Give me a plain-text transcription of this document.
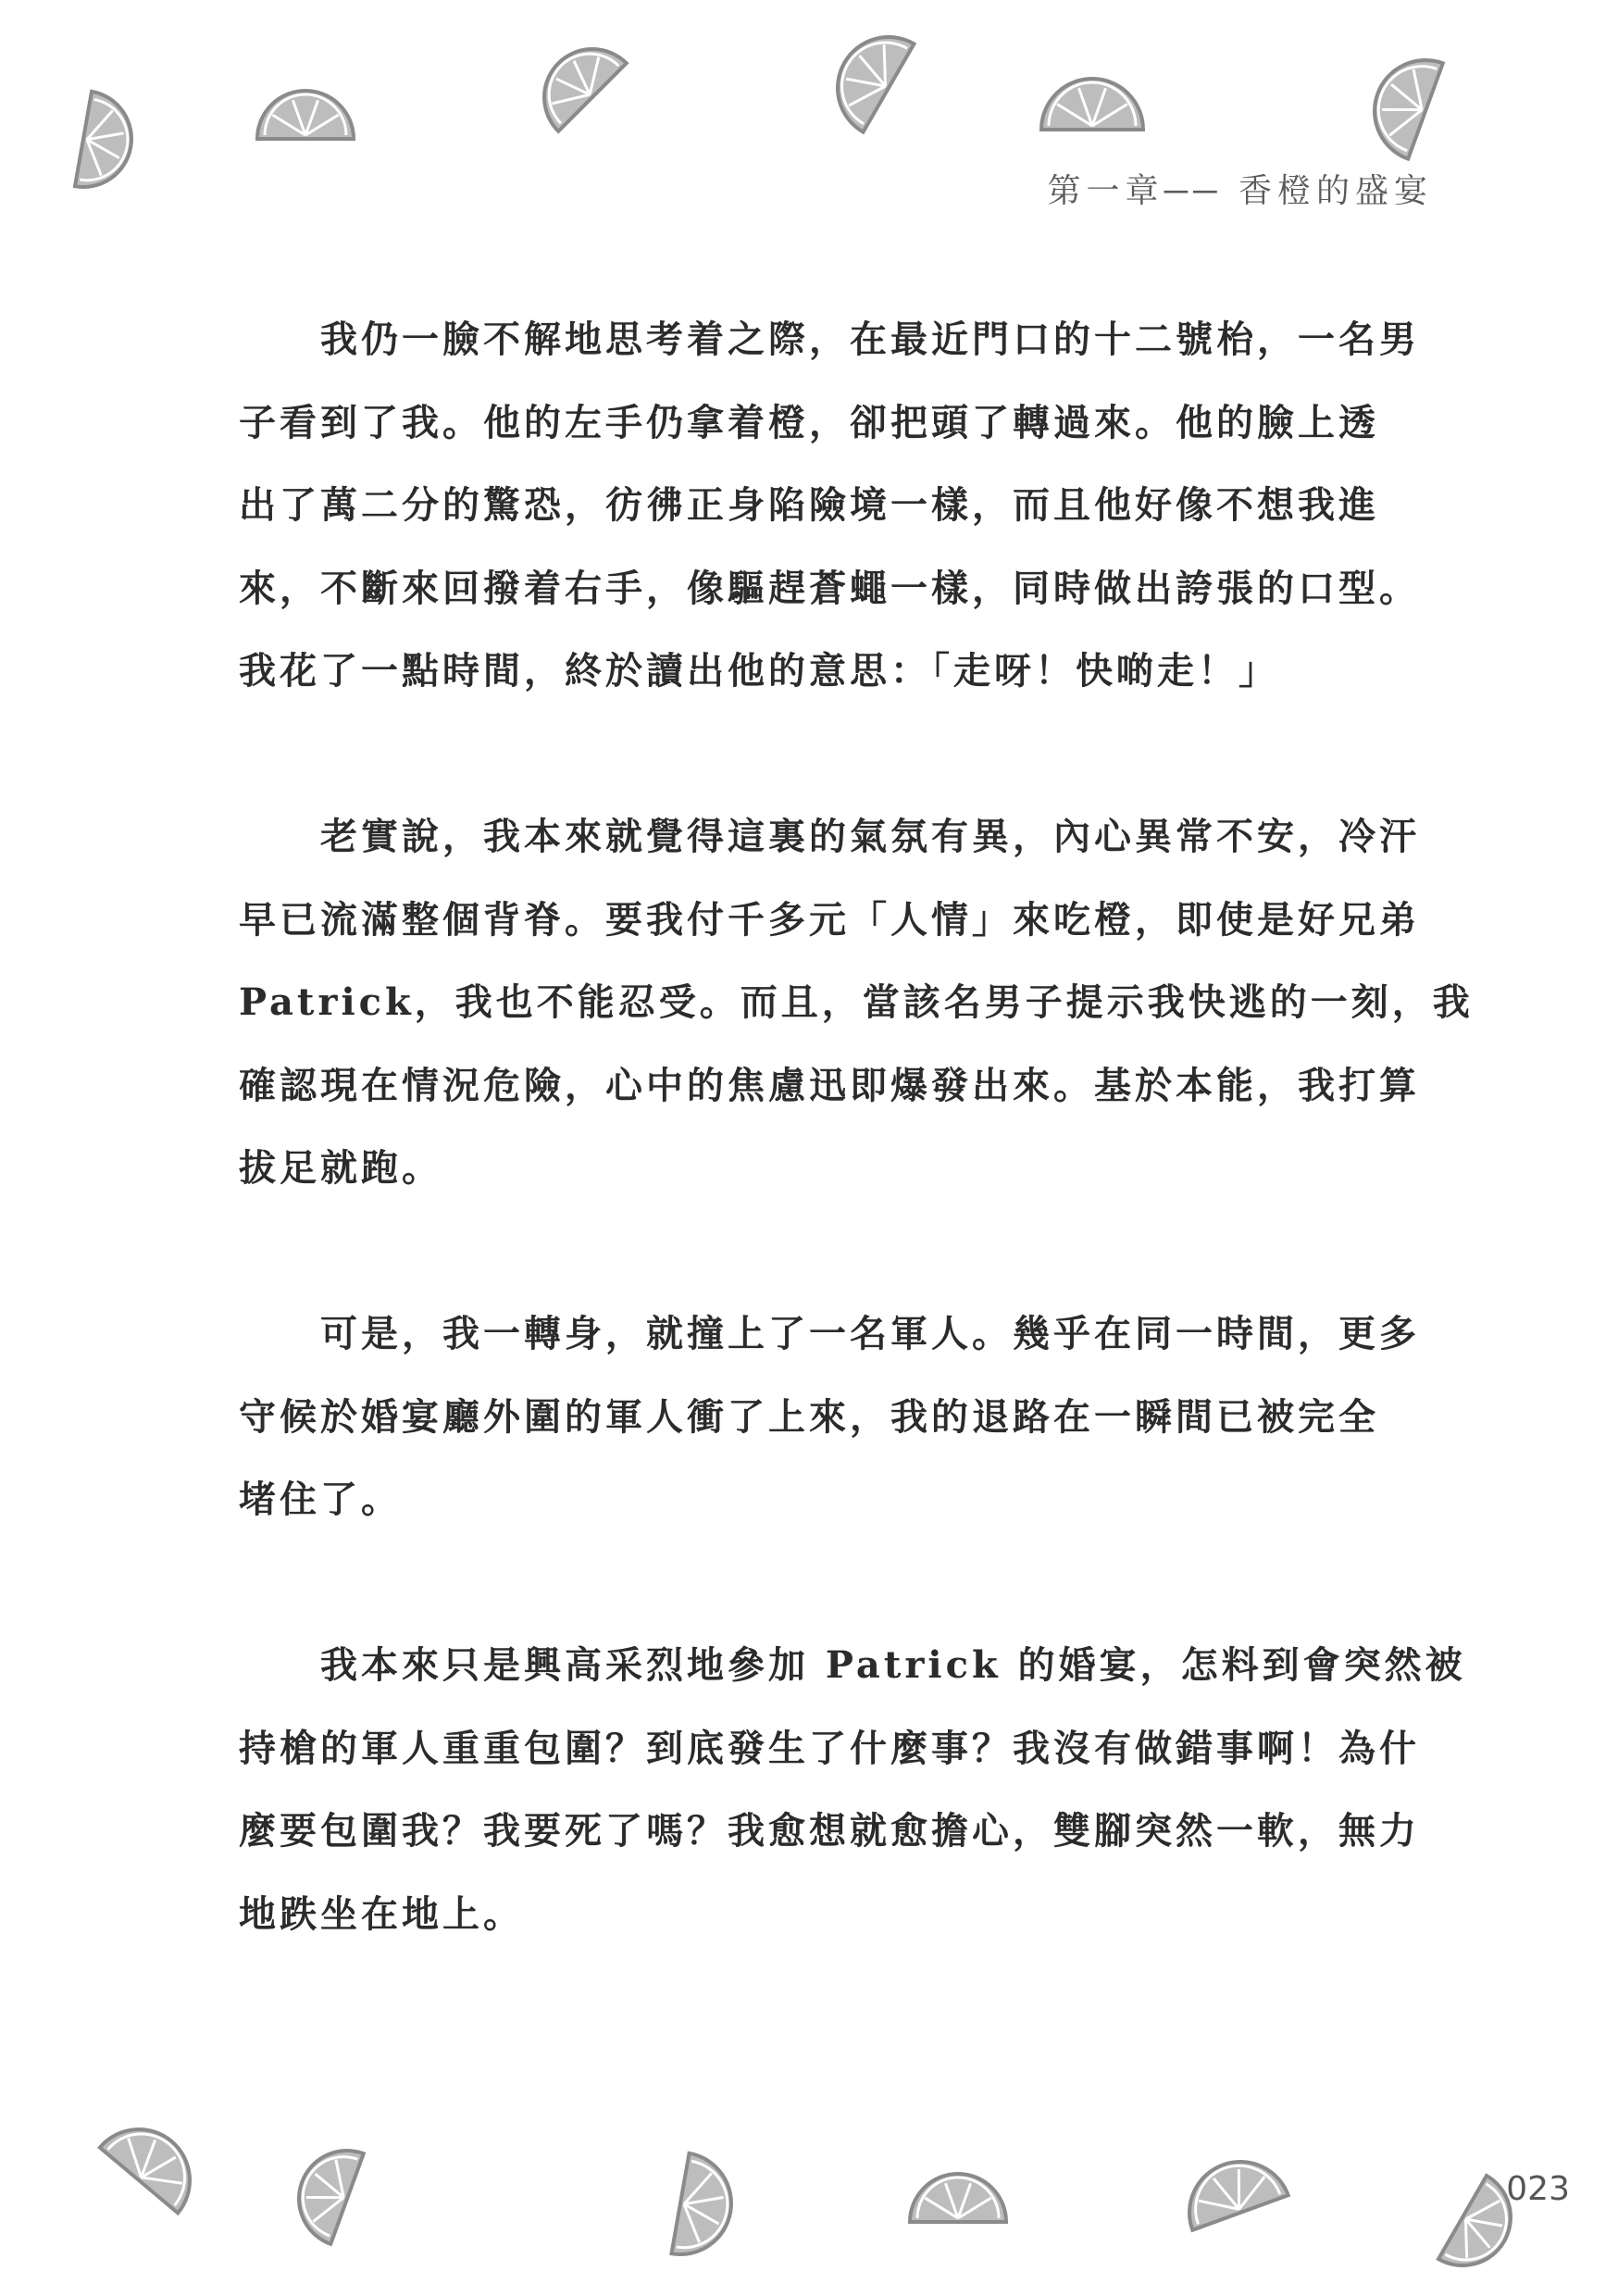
第一章── 香橙的盛宴
我仍一臉不解地思考着之際，在最近門口的十二號枱，一名男
子看到了我。他的左手仍拿着橙，卻把頭了轉過來。他的臉上透
出了萬二分的驚恐，彷彿正身陷險境一樣，而且他好像不想我進
來，不斷來回撥着右手，像驅趕蒼蠅一樣，同時做出誇張的口型。
我花了一點時間，終於讀出他的意思：「走呀！快啲走！」
老實說，我本來就覺得這裏的氣氛有異，內心異常不安，冷汗
早已流滿整個背脊。要我付千多元「人情」來吃橙，即使是好兄弟
Patrick，我也不能忍受。而且，當該名男子提示我快逃的一刻，我
確認現在情況危險，心中的焦慮迅即爆發出來。基於本能，我打算
拔足就跑。
可是，我一轉身，就撞上了一名軍人。幾乎在同一時間，更多
守候於婚宴廳外圍的軍人衝了上來，我的退路在一瞬間已被完全
堵住了。
我本來只是興高采烈地參加 Patrick 的婚宴，怎料到會突然被
持槍的軍人重重包圍？到底發生了什麼事？我沒有做錯事啊！為什
麼要包圍我？我要死了嗎？我愈想就愈擔心，雙腳突然一軟，無力
地跌坐在地上。
023
